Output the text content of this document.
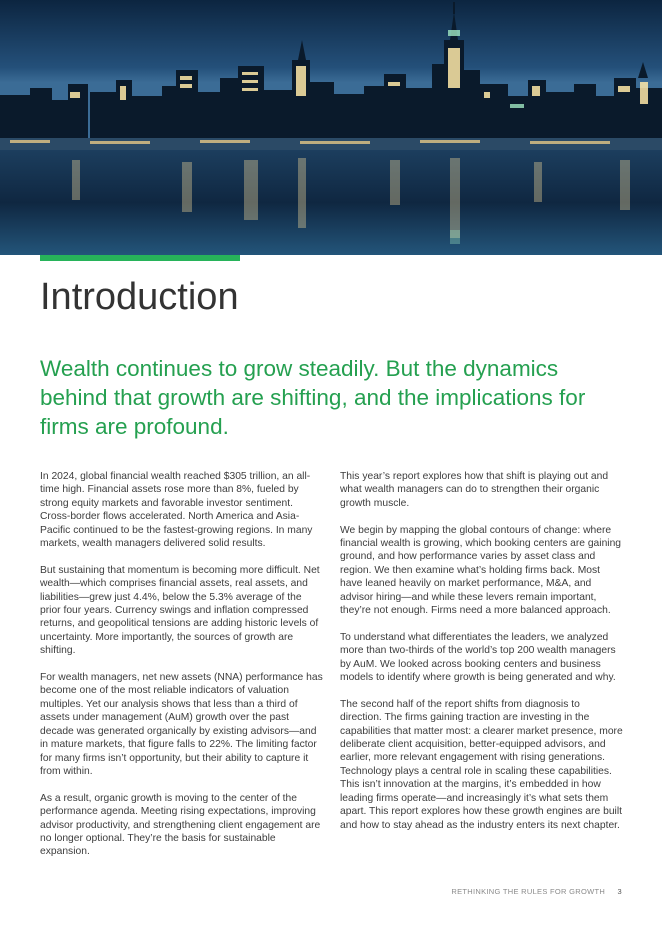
Introduction
Wealth continues to grow steadily. But the dynamics behind that growth are shifting, and the implications for firms are profound.

In 2024, global financial wealth reached $305 trillion, an all-time high. Financial assets rose more than 8%, fueled by strong equity markets and favorable investor sentiment. Cross-border flows accelerated. North America and Asia-Pacific continued to be the fastest-growing regions. In many markets, wealth managers delivered solid results.

But sustaining that momentum is becoming more difficult. Net wealth—which comprises financial assets, real assets, and liabilities—grew just 4.4%, below the 5.3% average of the prior four years. Currency swings and inflation compressed returns, and geopolitical tensions are adding historic levels of uncertainty. More importantly, the sources of growth are shifting.

For wealth managers, net new assets (NNA) performance has become one of the most reliable indicators of valuation multiples. Yet our analysis shows that less than a third of assets under management (AuM) growth over the past decade was generated organically by existing advisors—and in mature markets, that figure falls to 22%. The limiting factor for many firms isn’t opportunity, but their ability to capture it from within.

As a result, organic growth is moving to the center of the performance agenda. Meeting rising expectations, improving advisor productivity, and strengthening client engagement are no longer optional. They’re the basis for sustainable expansion.

This year’s report explores how that shift is playing out and what wealth managers can do to strengthen their organic growth muscle.

We begin by mapping the global contours of change: where financial wealth is growing, which booking centers are gaining ground, and how performance varies by asset class and region. We then examine what’s holding firms back. Most have leaned heavily on market performance, M&A, and advisor hiring—and while these levers remain important, they’re not enough. Firms need a more balanced approach.

To understand what differentiates the leaders, we analyzed more than two-thirds of the world’s top 200 wealth managers by AuM. We looked across booking centers and business models to identify where growth is being generated and why.

The second half of the report shifts from diagnosis to direction. The firms gaining traction are investing in the capabilities that matter most: a clearer market presence, more deliberate client acquisition, better-equipped advisors, and earlier, more relevant engagement with rising generations. Technology plays a central role in scaling these capabilities. This isn’t innovation at the margins, it’s embedded in how leading firms operate—and increasingly it’s what sets them apart. This report explores how these growth engines are built and how to stay ahead as the industry enters its next chapter.

RETHINKING THE RULES FOR GROWTH 3
